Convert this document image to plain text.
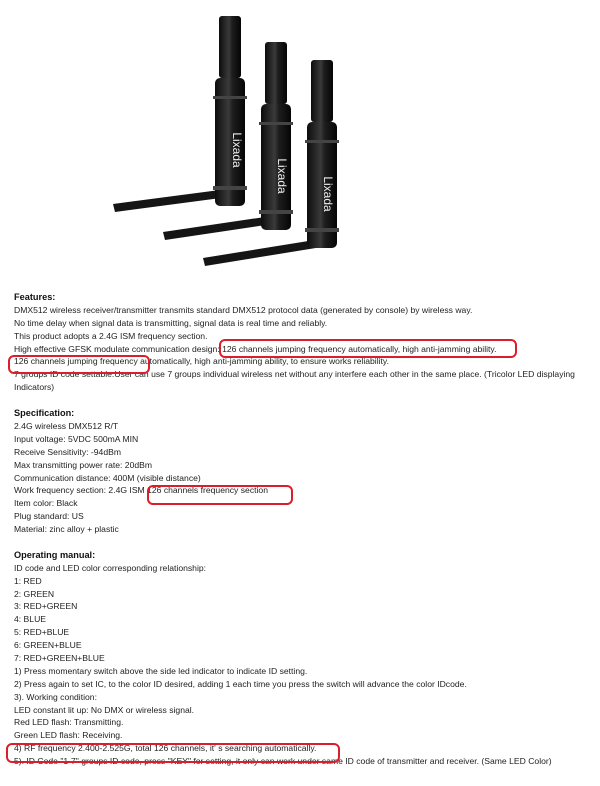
Lixada
Lixada
Lixada
Features:
DMX512 wireless receiver/transmitter transmits standard DMX512 protocol data (generated by console) by wireless way.
No time delay when signal data is transmitting, signal data is real time and reliably.
This product adopts a 2.4G ISM frequency section.
High effective GFSK modulate communication design: 126 channels jumping frequency automatically, high anti-jamming ability.
126 channels jumping frequency automatically, high anti-jamming ability, to ensure works reliability.
7 groups ID code settable.User can use 7 groups individual wireless net without any interfere each other in the same place. (Tricolor LED displaying Indicators)
Specification:
2.4G wireless DMX512 R/T
Input voltage: 5VDC 500mA MIN
Receive Sensitivity: -94dBm
Max transmitting power rate: 20dBm
Communication distance: 400M (visible distance)
Work frequency section: 2.4G ISM 126 channels frequency section
Item color: Black
Plug standard: US
Material: zinc alloy + plastic
Operating manual:
ID code and LED color corresponding relationship:
1: RED
2: GREEN
3: RED+GREEN
4: BLUE
5: RED+BLUE
6: GREEN+BLUE
7: RED+GREEN+BLUE
1) Press momentary switch above the side led indicator to indicate ID setting.
2) Press again to set IC, to the color ID desired, adding 1 each time you press the switch will advance the color IDcode.
3). Working condition:
LED constant lit up: No DMX or wireless signal.
Red LED flash: Transmitting.
Green LED flash: Receiving.
4) RF frequency 2.400-2.525G, total 126 channels, it' s searching automatically.
5). ID Code "1-7" groups ID code, press "KEY" for setting, it only can work under same ID code of transmitter and receiver. (Same LED Color)
